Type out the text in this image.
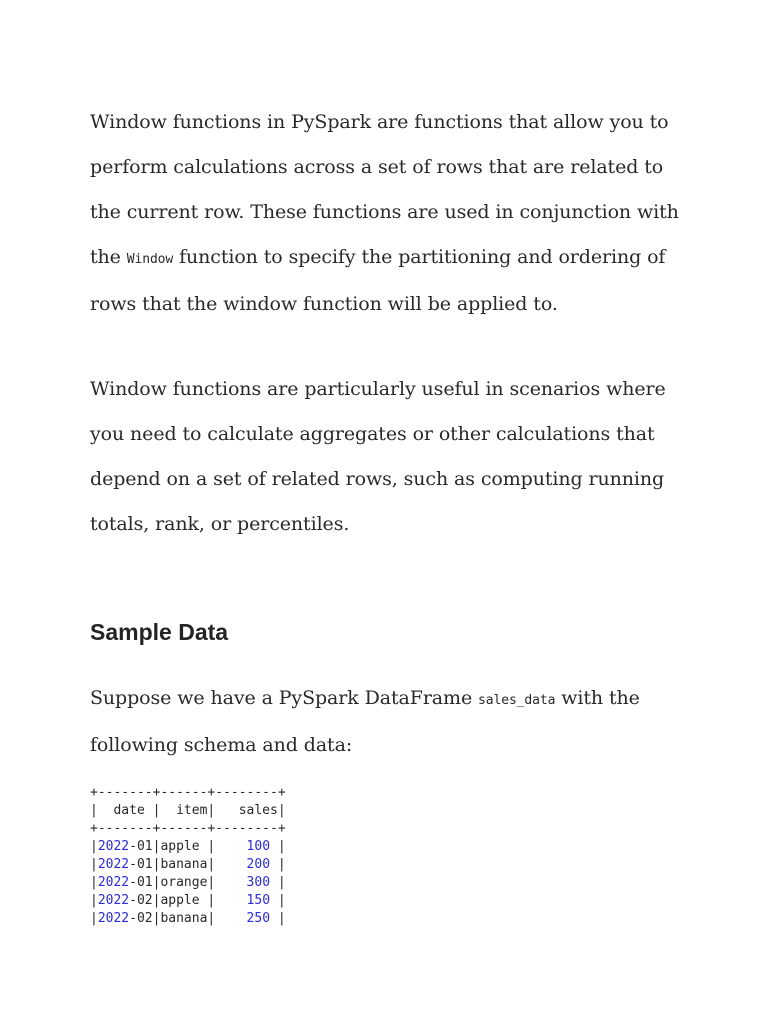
Window functions in PySpark are functions that allow you to perform calculations across a set of rows that are related to the current row. These functions are used in conjunction with the Window function to specify the partitioning and ordering of rows that the window function will be applied to.

Window functions are particularly useful in scenarios where you need to calculate aggregates or other calculations that depend on a set of related rows, such as computing running totals, rank, or percentiles.

Sample Data

Suppose we have a PySpark DataFrame sales_data with the following schema and data:

+-------+------+--------+
|  date |  item|   sales|
+-------+------+--------+
|2022-01|apple | 100 |
|2022-01|banana| 200 |
|2022-01|orange| 300 |
|2022-02|apple | 150 |
|2022-02|banana| 250 |
